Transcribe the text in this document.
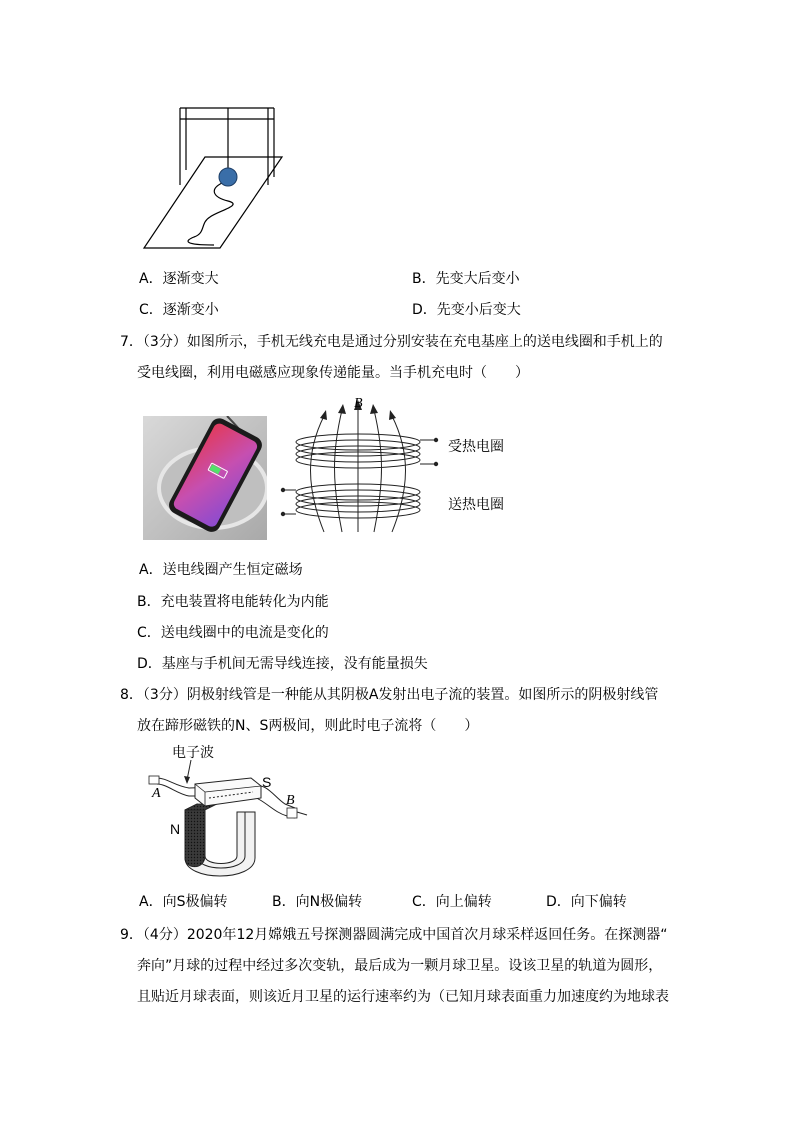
A．逐渐变大	B．先变大后变小
C．逐渐变小	D．先变小后变大
7．（3分）如图所示，手机无线充电是通过分别安装在充电基座上的送电线圈和手机上的
受电线圈，利用电磁感应现象传递能量。当手机充电时（　　）
B
受热电圈
送热电圈
A．送电线圈产生恒定磁场
B．充电装置将电能转化为内能
C．送电线圈中的电流是变化的
D．基座与手机间无需导线连接，没有能量损失
8．（3分）阴极射线管是一种能从其阴极A发射出电子流的装置。如图所示的阴极射线管
放在蹄形磁铁的N、S两极间，则此时电子流将（　　）
电子波
S
N
A	B
A．向S极偏转	B．向N极偏转	C．向上偏转	D．向下偏转
9．（4分）2020年12月嫦娥五号探测器圆满完成中国首次月球采样返回任务。在探测器“
奔向”月球的过程中经过多次变轨，最后成为一颗月球卫星。设该卫星的轨道为圆形，
且贴近月球表面，则该近月卫星的运行速率约为（已知月球表面重力加速度约为地球表
